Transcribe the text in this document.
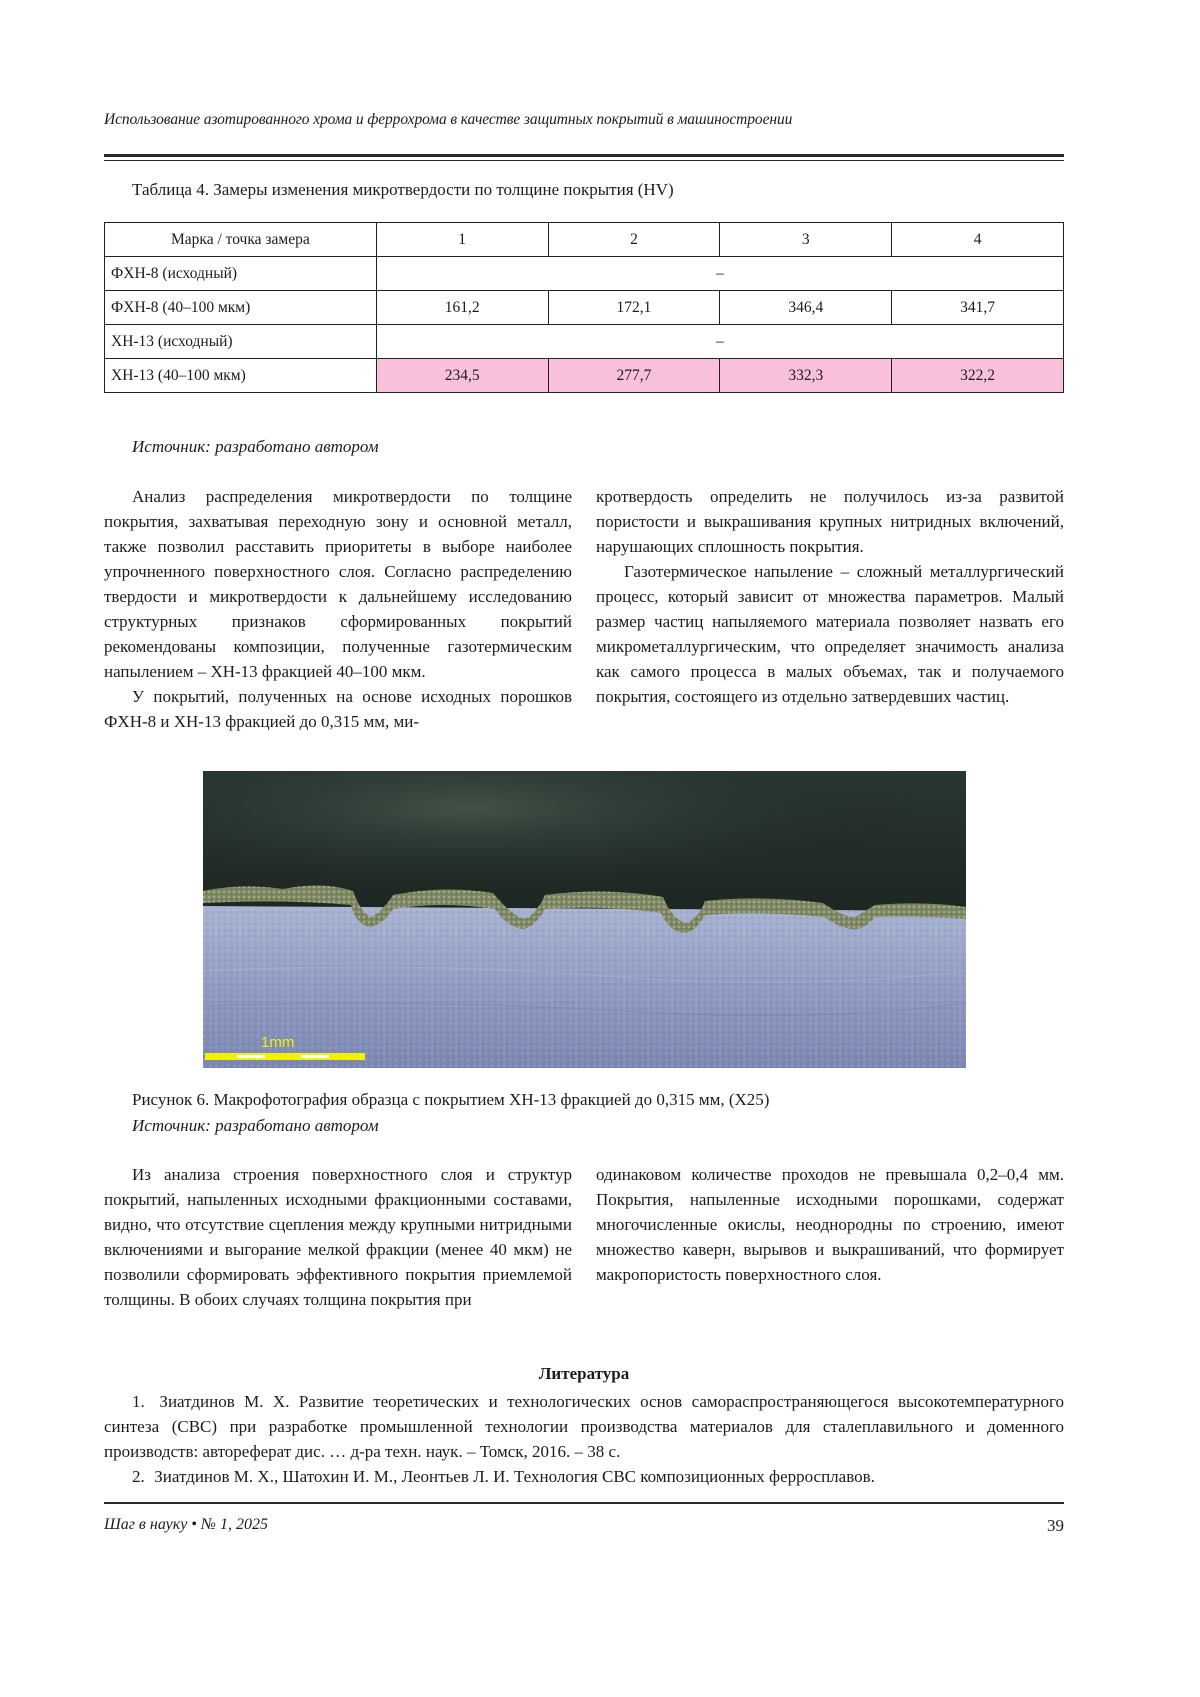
Использование азотированного хрома и феррохрома в качестве защитных покрытий в машиностроении
Таблица 4. Замеры изменения микротвердости по толщине покрытия (HV)
Марка / точка замера	1	2	3	4
ФХН-8 (исходный)	–			
ФХН-8 (40–100 мкм)	161,2	172,1	346,4	341,7
ХН-13 (исходный)	–			
ХН-13 (40–100 мкм)	234,5	277,7	332,3	322,2
Источник: разработано автором

Анализ распределения микротвердости по толщине покрытия, захватывая переходную зону и основной металл, также позволил расставить приоритеты в выборе наиболее упрочненного поверхностного слоя. Согласно распределению твердости и микротвердости к дальнейшему исследованию структурных признаков сформированных покрытий рекомендованы композиции, полученные газотермическим напылением – ХН-13 фракцией 40–100 мкм.

У покрытий, полученных на основе исходных порошков ФХН-8 и ХН-13 фракцией до 0,315 мм, ми-

кротвердость определить не получилось из-за развитой пористости и выкрашивания крупных нитридных включений, нарушающих сплошность покрытия.

Газотермическое напыление – сложный металлургический процесс, который зависит от множества параметров. Малый размер частиц напыляемого материала позволяет назвать его микрометаллургическим, что определяет значимость анализа как самого процесса в малых объемах, так и получаемого покрытия, состоящего из отдельно затвердевших частиц.

1mm
Рисунок 6. Макрофотография образца с покрытием ХН-13 фракцией до 0,315 мм, (Х25)
Источник: разработано автором

Из анализа строения поверхностного слоя и структур покрытий, напыленных исходными фракционными составами, видно, что отсутствие сцепления между крупными нитридными включениями и выгорание мелкой фракции (менее 40 мкм) не позволили сформировать эффективного покрытия приемлемой толщины. В обоих случаях толщина покрытия при

одинаковом количестве проходов не превышала 0,2–0,4 мм. Покрытия, напыленные исходными порошками, содержат многочисленные окислы, неоднородны по строению, имеют множество каверн, вырывов и выкрашиваний, что формирует макропористость поверхностного слоя.

Литература
1. Зиатдинов М. Х. Развитие теоретических и технологических основ самораспространяющегося высокотемпературного синтеза (СВС) при разработке промышленной технологии производства материалов для сталеплавильного и доменного производств: автореферат дис. … д-ра техн. наук. – Томск, 2016. – 38 с.
2. Зиатдинов М. Х., Шатохин И. М., Леонтьев Л. И. Технология СВС композиционных ферросплавов.
Шаг в науку • № 1, 2025	39
